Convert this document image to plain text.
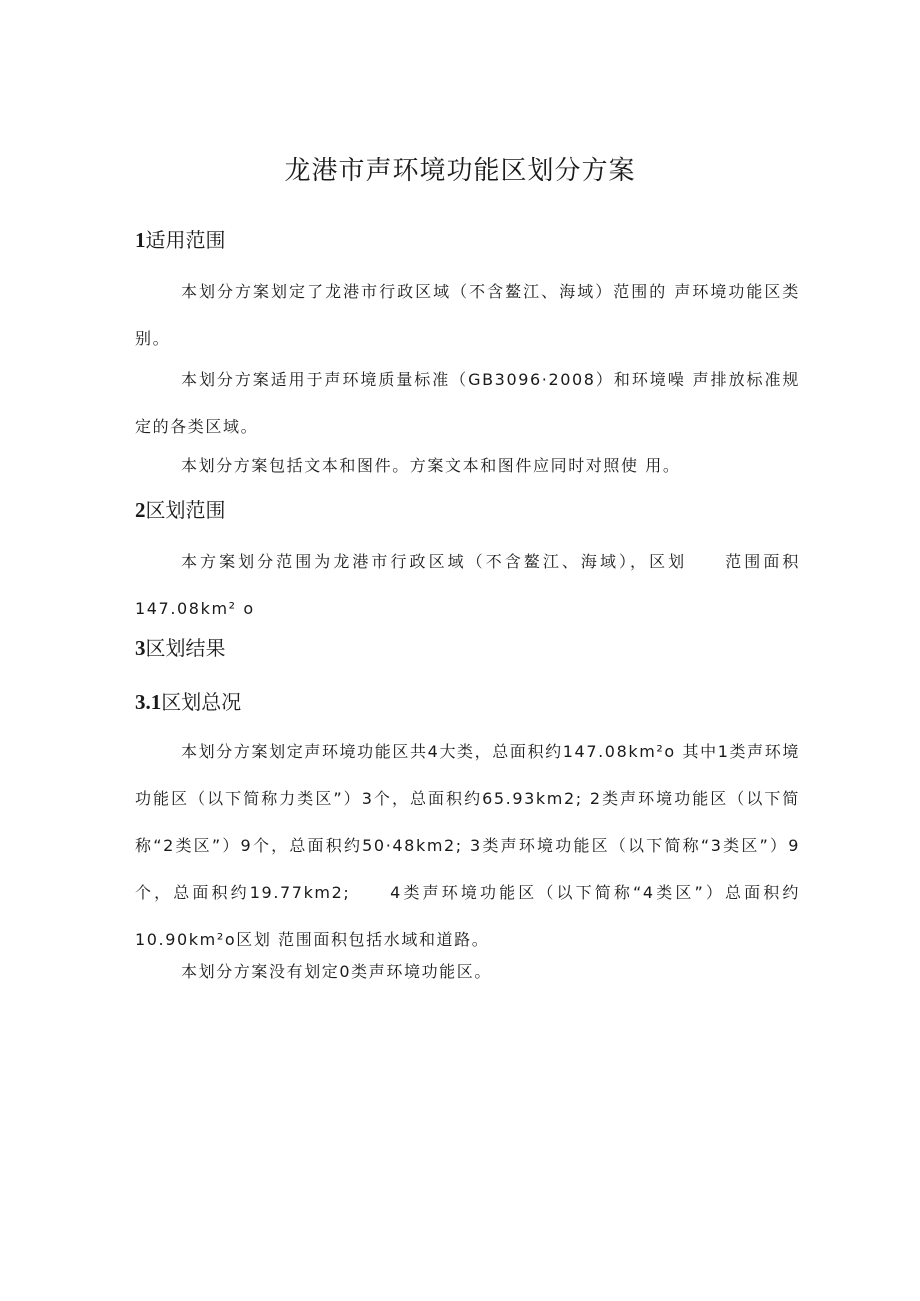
龙港市声环境功能区划分方案
1适用范围

本划分方案划定了龙港市行政区域（不含鳌江、海域）范围的 声环境功能区类别。

本划分方案适用于声环境质量标准（GB3096·2008）和环境噪 声排放标准规定的各类区域。

本划分方案包括文本和图件。方案文本和图件应同时对照使 用。

2区划范围

本方案划分范围为龙港市行政区域（不含鳌江、海域），区划　　范围面积147.08km² o

3区划结果
3.1区划总况

本划分方案划定声环境功能区共4大类，总面积约147.08km²o 其中1类声环境功能区（以下简称力类区”）3个，总面积约65.93km2; 2类声环境功能区（以下简称“2类区”）9个，总面积约50·48km2; 3类声环境功能区（以下简称“3类区”）9个，总面积约19.77km2;　　4类声环境功能区（以下简称“4类区”）总面积约10.90km²o区划 范围面积包括水域和道路。

本划分方案没有划定0类声环境功能区。
